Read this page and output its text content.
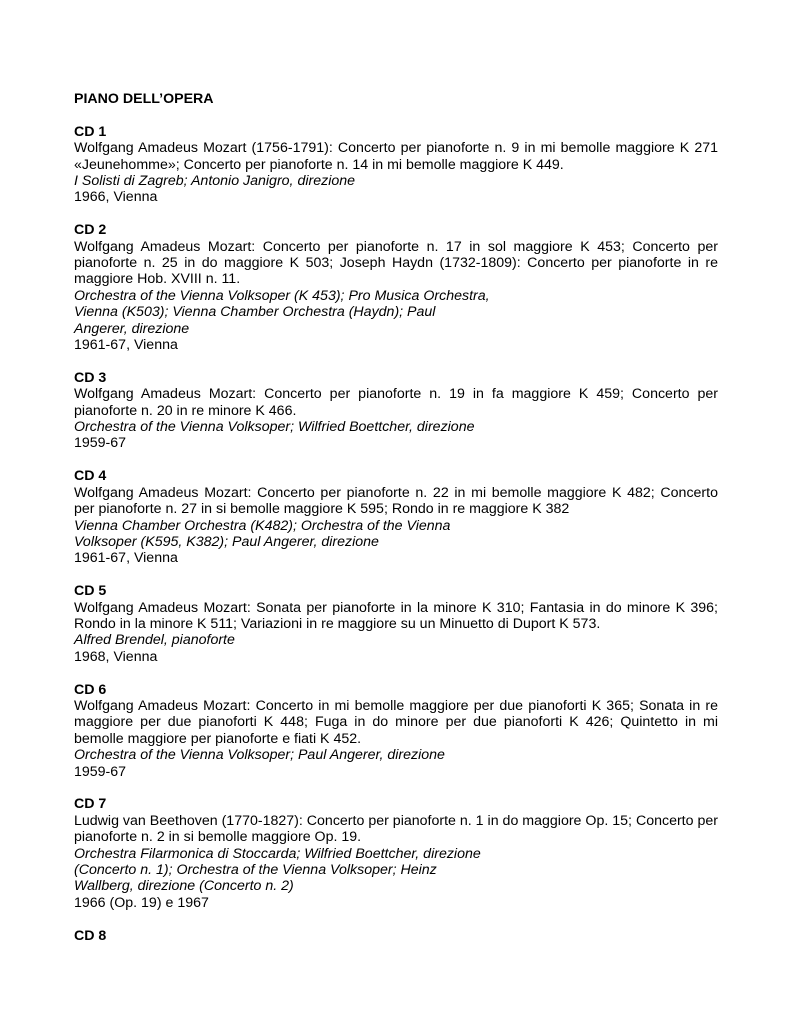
PIANO DELL’OPERA

CD 1

Wolfgang Amadeus Mozart (1756-1791): Concerto per pianoforte n. 9 in mi bemolle maggiore K 271 «Jeunehomme»; Concerto per pianoforte n. 14 in mi bemolle maggiore K 449.

I Solisti di Zagreb; Antonio Janigro, direzione

1966, Vienna

CD 2

Wolfgang Amadeus Mozart: Concerto per pianoforte n. 17 in sol maggiore K 453; Concerto per pianoforte n. 25 in do maggiore K 503; Joseph Haydn (1732-1809): Concerto per pianoforte in re maggiore Hob. XVIII n. 11.

Orchestra of the Vienna Volksoper (K 453); Pro Musica Orchestra,

Vienna (K503); Vienna Chamber Orchestra (Haydn); Paul

Angerer, direzione

1961-67, Vienna

CD 3

Wolfgang Amadeus Mozart: Concerto per pianoforte n. 19 in fa maggiore K 459; Concerto per pianoforte n. 20 in re minore K 466.

Orchestra of the Vienna Volksoper; Wilfried Boettcher, direzione

1959-67

CD 4

Wolfgang Amadeus Mozart: Concerto per pianoforte n. 22 in mi bemolle maggiore K 482; Concerto per pianoforte n. 27 in si bemolle maggiore K 595; Rondo in re maggiore K 382

Vienna Chamber Orchestra (K482); Orchestra of the Vienna

Volksoper (K595, K382); Paul Angerer, direzione

1961-67, Vienna

CD 5

Wolfgang Amadeus Mozart: Sonata per pianoforte in la minore K 310; Fantasia in do minore K 396; Rondo in la minore K 511; Variazioni in re maggiore su un Minuetto di Duport K 573.

Alfred Brendel, pianoforte

1968, Vienna

CD 6

Wolfgang Amadeus Mozart: Concerto in mi bemolle maggiore per due pianoforti K 365; Sonata in re maggiore per due pianoforti K 448; Fuga in do minore per due pianoforti K 426; Quintetto in mi bemolle maggiore per pianoforte e fiati K 452.

Orchestra of the Vienna Volksoper; Paul Angerer, direzione

1959-67

CD 7

Ludwig van Beethoven (1770-1827): Concerto per pianoforte n. 1 in do maggiore Op. 15; Concerto per pianoforte n. 2 in si bemolle maggiore Op. 19.

Orchestra Filarmonica di Stoccarda; Wilfried Boettcher, direzione

(Concerto n. 1); Orchestra of the Vienna Volksoper; Heinz

Wallberg, direzione (Concerto n. 2)

1966 (Op. 19) e 1967

CD 8
